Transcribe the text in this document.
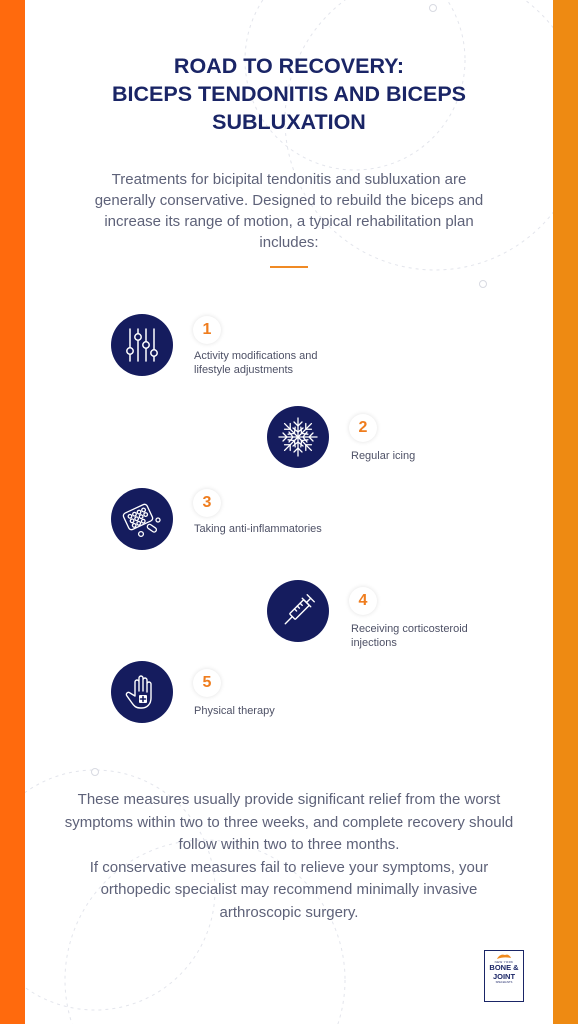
ROAD TO RECOVERY:
BICEPS TENDONITIS AND BICEPS
SUBLUXATION

Treatments for bicipital tendonitis and subluxation are generally conservative. Designed to rebuild the biceps and increase its range of motion, a typical rehabilitation plan includes:

1
Activity modifications and lifestyle adjustments
2
Regular icing
3
Taking anti-inflammatories
4
Receiving corticosteroid injections
5
Physical therapy

These measures usually provide significant relief from the worst symptoms within two to three weeks, and complete recovery should follow within two to three months.
If conservative measures fail to relieve your symptoms, your orthopedic specialist may recommend minimally invasive arthroscopic surgery.

NEW YORK
BONE &
JOINT
SPECIALISTS
